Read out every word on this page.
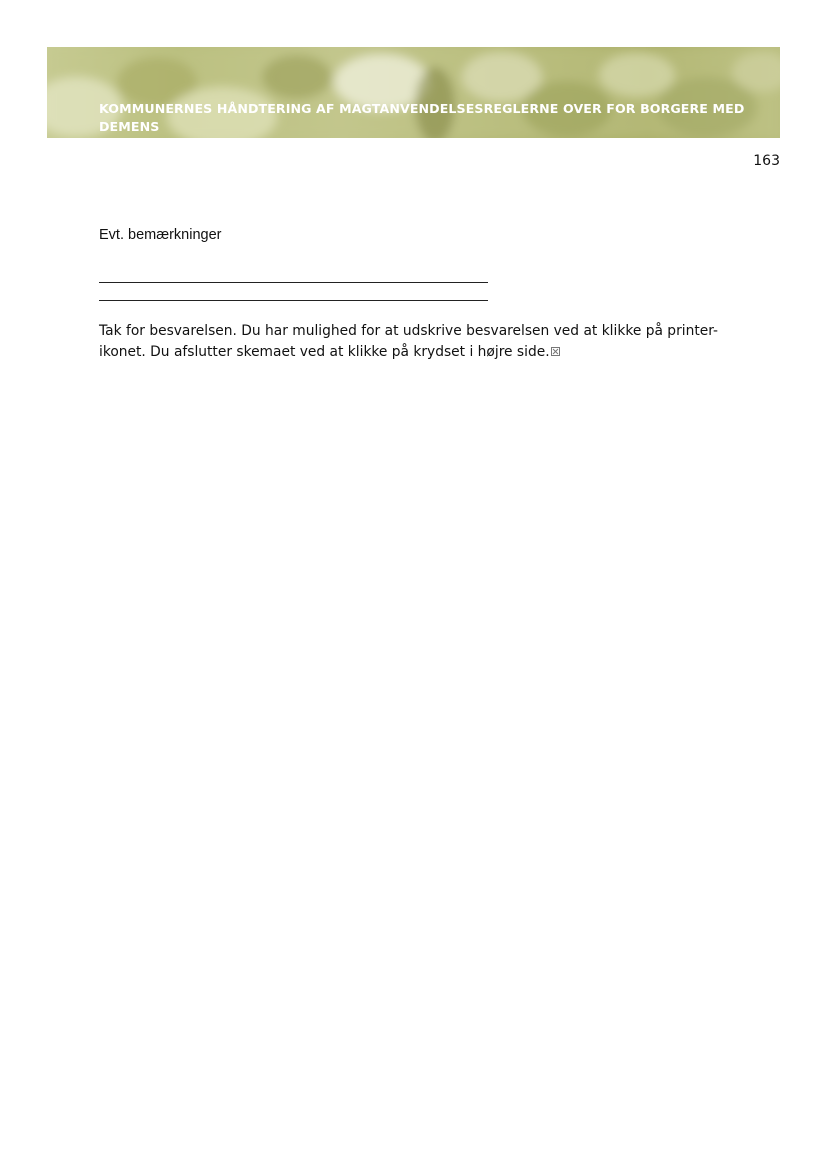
KOMMUNERNES HÅNDTERING AF MAGTANVENDELSESREGLERNE OVER FOR BORGERE MED DEMENS
163
Evt. bemærkninger
Tak for besvarelsen. Du har mulighed for at udskrive besvarelsen ved at klikke på printer-ikonet. Du afslutter skemaet ved at klikke på krydset i højre side.
